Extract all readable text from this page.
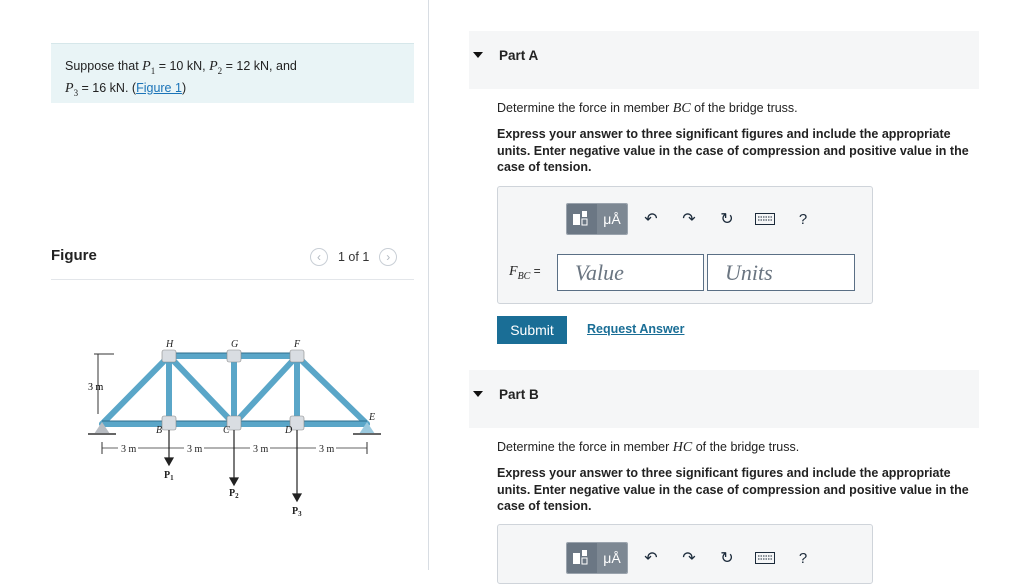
Suppose that $P_1 = 10$ kN, $P_2 = 12$ kN, and
$P_3 = 16$ kN. (Figure 1)
Figure	‹	1 of 1	›
3 m
H	G	F
B	C	D
E
3 m	3 m	3 m	3 m
$P_1$
$P_2$
$P_3$
Part A
Determine the force in member BC of the bridge truss.
Express your answer to three significant figures and include the appropriate units. Enter negative value in the case of compression and positive value in the case of tension.
μÅ	↶	↷	↻	?
$F_{BC}$ =	Value	Units
Submit	Request Answer
Part B
Determine the force in member HC of the bridge truss.
Express your answer to three significant figures and include the appropriate units. Enter negative value in the case of compression and positive value in the case of tension.
μÅ	↶	↷	↻	?
